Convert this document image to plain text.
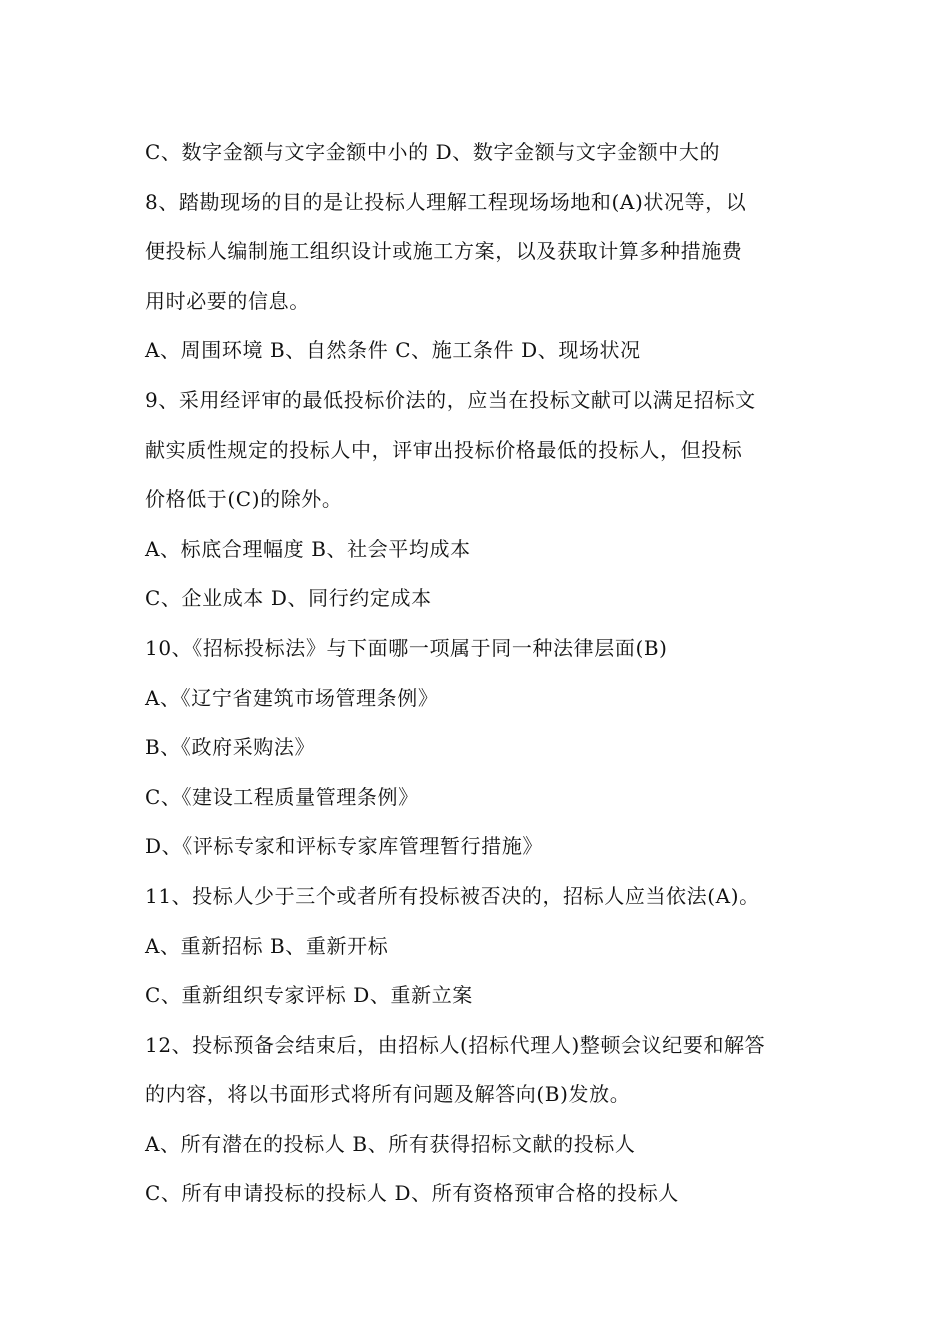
C、数字金额与文字金额中小的 D、数字金额与文字金额中大的
8、踏勘现场的目的是让投标人理解工程现场场地和(A)状况等，以
便投标人编制施工组织设计或施工方案，以及获取计算多种措施费
用时必要的信息。
A、周围环境 B、自然条件 C、施工条件 D、现场状况
9、采用经评审的最低投标价法的，应当在投标文献可以满足招标文
献实质性规定的投标人中，评审出投标价格最低的投标人，但投标
价格低于(C)的除外。
A、标底合理幅度 B、社会平均成本
C、企业成本 D、同行约定成本
10、《招标投标法》与下面哪一项属于同一种法律层面(B)
A、《辽宁省建筑市场管理条例》
B、《政府采购法》
C、《建设工程质量管理条例》
D、《评标专家和评标专家库管理暂行措施》
11、投标人少于三个或者所有投标被否决的，招标人应当依法(A)。
A、重新招标 B、重新开标
C、重新组织专家评标 D、重新立案
12、投标预备会结束后，由招标人(招标代理人)整顿会议纪要和解答
的内容，将以书面形式将所有问题及解答向(B)发放。
A、所有潜在的投标人 B、所有获得招标文献的投标人
C、所有申请投标的投标人 D、所有资格预审合格的投标人
